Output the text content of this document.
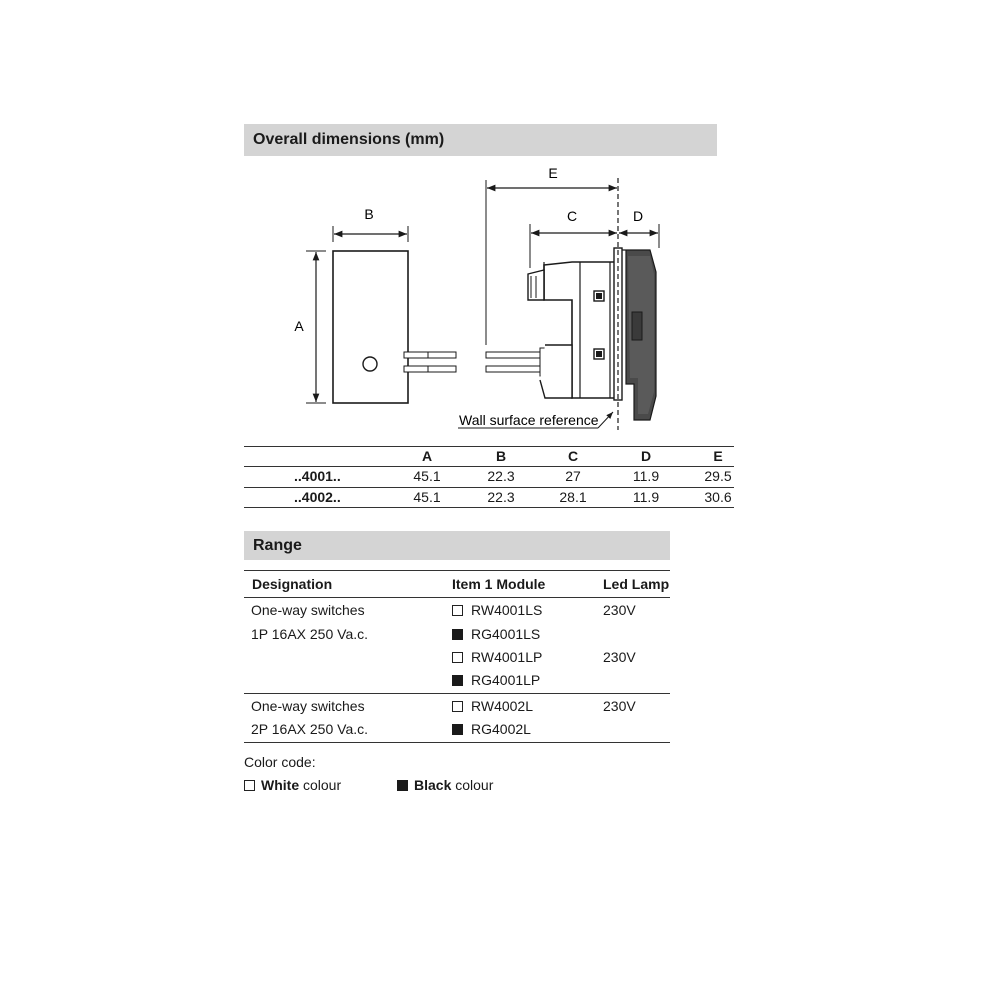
Overall dimensions (mm)
B
A
E
C	D
Wall surface reference
A	B	C	D	E
..4001..	45.1	22.3	27	11.9	29.5
..4002..	45.1	22.3	28.1	11.9	30.6
Range
Designation	Item 1 Module	Led Lamp
One-way switches
1P 16AX 250 Va.c.
RW4001LS	230V
RG4001LS
RW4001LP	230V
RG4001LP
One-way switches
2P 16AX 250 Va.c.
RW4002L	230V
RG4002L
Color code:
White colour	Black colour
